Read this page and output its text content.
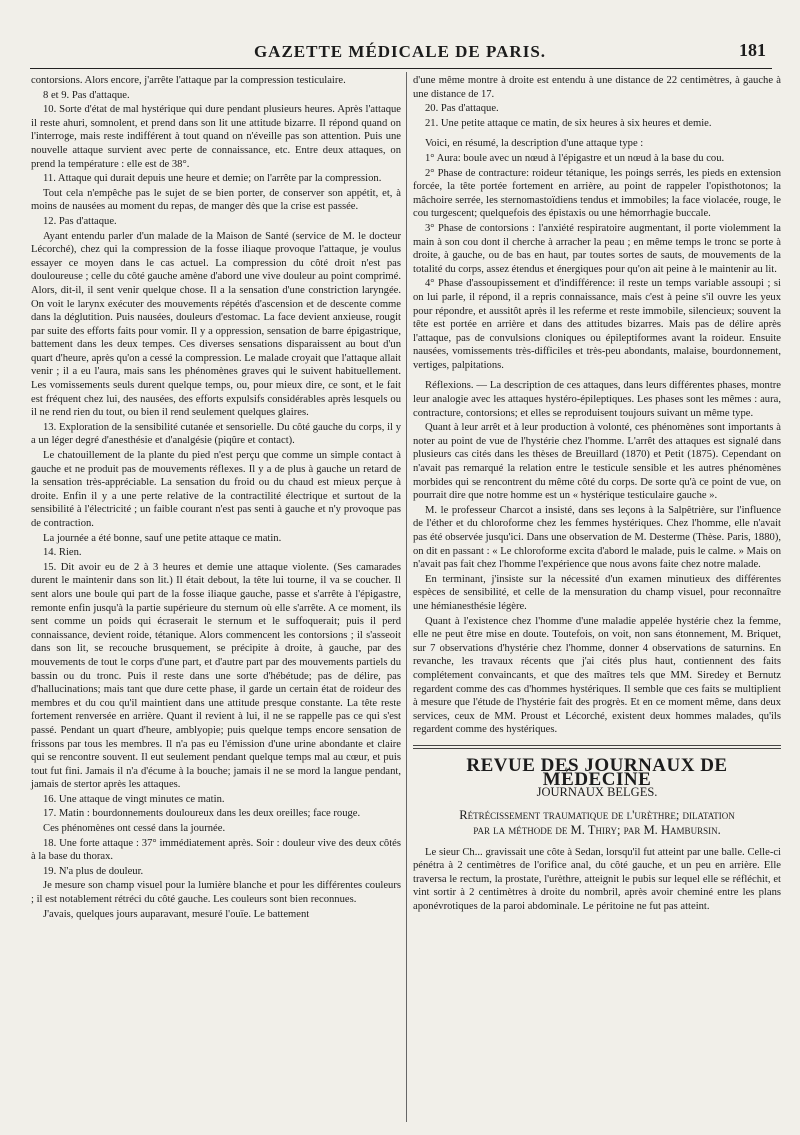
GAZETTE MÉDICALE DE PARIS.	181

contorsions. Alors encore, j'arrête l'attaque par la compression testiculaire.

8 et 9. Pas d'attaque.

10. Sorte d'état de mal hystérique qui dure pendant plusieurs heures. Après l'attaque il reste ahuri, somnolent, et prend dans son lit une attitude bizarre. Il répond quand on l'interroge, mais reste indifférent à tout quand on n'éveille pas son attention. Puis une nouvelle attaque survient avec perte de connaissance, etc. Entre deux attaques, on prend la température : elle est de 38°.

11. Attaque qui durait depuis une heure et demie; on l'arrête par la compression.

Tout cela n'empêche pas le sujet de se bien porter, de conserver son appétit, et, à moins de nausées au moment du repas, de manger dès que la crise est passée.

12. Pas d'attaque.

Ayant entendu parler d'un malade de la Maison de Santé (service de M. le docteur Lécorché), chez qui la compression de la fosse iliaque provoque l'attaque, je voulus essayer ce moyen dans le cas actuel. La compression du côté droit n'est pas douloureuse ; celle du côté gauche amène d'abord une vive douleur au point comprimé. Alors, dit-il, il sent venir quelque chose. Il a la sensation d'une constriction laryngée. On voit le larynx exécuter des mouvements répétés d'ascension et de descente comme dans la déglutition. Puis nausées, douleurs d'estomac. La face devient anxieuse, rougit par suite des efforts faits pour vomir. Il y a oppression, sensation de barre épigastrique, battement dans les deux tempes. Ces diverses sensations disparaissent au bout d'un quart d'heure, après qu'on a cessé la compression. Le malade croyait que l'attaque allait venir ; il a eu l'aura, mais sans les phénomènes graves qui le suivent habituellement. Les vomissements seuls durent quelque temps, ou, pour mieux dire, ce sont, et le fait est fréquent chez lui, des nausées, des efforts expulsifs considérables après lesquels ou il ne rend rien du tout, ou bien il rend seulement quelques glaires.

13. Exploration de la sensibilité cutanée et sensorielle. Du côté gauche du corps, il y a un léger degré d'anesthésie et d'analgésie (piqûre et contact).

Le chatouillement de la plante du pied n'est perçu que comme un simple contact à gauche et ne produit pas de mouvements réflexes. Il y a de plus à gauche un retard de la sensation très-appréciable. La sensation du froid ou du chaud est mieux perçue à droite. Enfin il y a une perte relative de la contractilité électrique et surtout de la sensibilité à l'électricité ; un faible courant n'est pas senti à gauche et n'y provoque pas de contraction.

La journée a été bonne, sauf une petite attaque ce matin.

14. Rien.

15. Dit avoir eu de 2 à 3 heures et demie une attaque violente. (Ses camarades durent le maintenir dans son lit.) Il était debout, la tête lui tourne, il va se coucher. Il sent alors une boule qui part de la fosse iliaque gauche, passe et s'arrête à l'épigastre, remonte enfin jusqu'à la partie supérieure du sternum où elle s'arrête. A ce moment, ils sent comme un poids qui écraserait le sternum et le suffoquerait; puis il perd connaissance, devient roide, tétanique. Alors commencent les contorsions ; il s'asseoit dans son lit, se recouche brusquement, se précipite à droite, à gauche, par des mouvements de tout le corps d'une part, et d'autre part par des mouvements partiels du bassin ou du tronc. Puis il reste dans une sorte d'hébétude; pas de délire, pas d'hallucinations; mais tant que dure cette phase, il garde un certain état de roideur des membres et du cou qu'il maintient dans une attitude presque constante. La tête reste fortement renversée en arrière. Quant il revient à lui, il ne se rappelle pas ce qui s'est passé. Pendant un quart d'heure, amblyopie; puis quelque temps encore sensation de frissons par tous les membres. Il n'a pas eu l'émission d'une urine abondante et claire qui se rencontre souvent. Il eut seulement pendant quelque temps mal au cœur, et puis tout fut fini. Jamais il n'a d'écume à la bouche; jamais il ne se mord la langue pendant, jamais de stertor après les attaques.

16. Une attaque de vingt minutes ce matin.

17. Matin : bourdonnements douloureux dans les deux oreilles; face rouge.

Ces phénomènes ont cessé dans la journée.

18. Une forte attaque : 37° immédiatement après. Soir : douleur vive des deux côtés à la base du thorax.

19. N'a plus de douleur.

Je mesure son champ visuel pour la lumière blanche et pour les différentes couleurs ; il est notablement rétréci du côté gauche. Les couleurs sont bien reconnues.

J'avais, quelques jours auparavant, mesuré l'ouïe. Le battement

d'une même montre à droite est entendu à une distance de 22 centimètres, à gauche à une distance de 17.

20. Pas d'attaque.

21. Une petite attaque ce matin, de six heures à six heures et demie.

Voici, en résumé, la description d'une attaque type :

1° Aura: boule avec un nœud à l'épigastre et un nœud à la base du cou.

2° Phase de contracture: roideur tétanique, les poings serrés, les pieds en extension forcée, la tête portée fortement en arrière, au point de rappeler l'opisthotonos; la mâchoire serrée, les sternomastoïdiens tendus et immobiles; la face violacée, rouge, le cou turgescent; quelquefois des épistaxis ou une hémorrhagie buccale.

3° Phase de contorsions : l'anxiété respiratoire augmentant, il porte violemment la main à son cou dont il cherche à arracher la peau ; en même temps le tronc se porte à droite, à gauche, ou de bas en haut, par toutes sortes de sauts, de mouvements de la totalité du corps, assez étendus et énergiques pour qu'on ait peine à le maintenir au lit.

4° Phase d'assoupissement et d'indifférence: il reste un temps variable assoupi ; si on lui parle, il répond, il a repris connaissance, mais c'est à peine s'il ouvre les yeux pour répondre, et aussitôt après il les referme et reste immobile, silencieux; souvent la tête est portée en arrière et dans des attitudes bizarres. Mais pas de délire après l'attaque, pas de convulsions cloniques ou épileptiformes avant la roideur. Ensuite nausées, vomissements très-difficiles et très-peu abondants, malaise, bourdonnement, vertiges, palpitations.

Réflexions. — La description de ces attaques, dans leurs différentes phases, montre leur analogie avec les attaques hystéro-épileptiques. Les phases sont les mêmes : aura, contracture, contorsions; et elles se reproduisent toujours suivant un même type.

Quant à leur arrêt et à leur production à volonté, ces phénomènes sont importants à noter au point de vue de l'hystérie chez l'homme. L'arrêt des attaques est signalé dans plusieurs cas cités dans les thèses de Breuillard (1870) et Petit (1875). Cependant on n'avait pas remarqué la relation entre le testicule sensible et les autres phénomènes morbides qui se rencontrent du même côté du corps. De sorte qu'à ce point de vue, on pourrait dire que notre homme est un « hystérique testiculaire gauche ».

M. le professeur Charcot a insisté, dans ses leçons à la Salpêtrière, sur l'influence de l'éther et du chloroforme chez les femmes hystériques. Chez l'homme, elle n'avait pas été observée jusqu'ici. Dans une observation de M. Desterme (Thèse. Paris, 1880), on dit en passant : « Le chloroforme excita d'abord le malade, puis le calme. » Mais on n'avait pas fait chez l'homme l'expérience que nous avons faite chez notre malade.

En terminant, j'insiste sur la nécessité d'un examen minutieux des différentes espèces de sensibilité, et celle de la mensuration du champ visuel, pour reconnaître une hémianesthésie légère.

Quant à l'existence chez l'homme d'une maladie appelée hystérie chez la femme, elle ne peut être mise en doute. Toutefois, on voit, non sans étonnement, M. Briquet, sur 7 observations d'hystérie chez l'homme, donner 4 observations de saturnins. En revanche, les travaux récents que j'ai cités plus haut, contiennent des faits complétement convaincants, et que des maîtres tels que MM. Siredey et Bernutz regardent comme des cas d'hommes hystériques. Il semble que ces faits se multiplient à mesure que l'étude de l'hystérie fait des progrès. Et en ce moment même, dans deux services, ceux de MM. Proust et Lécorché, existent deux hommes malades, qu'ils regardent comme des hystériques.

REVUE DES JOURNAUX DE MÉDECINE
JOURNAUX BELGES.
Rétrécissement traumatique de l'urèthre; dilatation
par la méthode de M. Thiry; par M. Hambursin.

Le sieur Ch... gravissait une côte à Sedan, lorsqu'il fut atteint par une balle. Celle-ci pénétra à 2 centimètres de l'orifice anal, du côté gauche, et un peu en arrière. Elle traversa le rectum, la prostate, l'urèthre, atteignit le pubis sur lequel elle se réfléchit, et vint sortir à 2 centimètres à droite du nombril, après avoir cheminé entre les plans aponévrotiques de la paroi abdominale. Le péritoine ne fut pas atteint.
